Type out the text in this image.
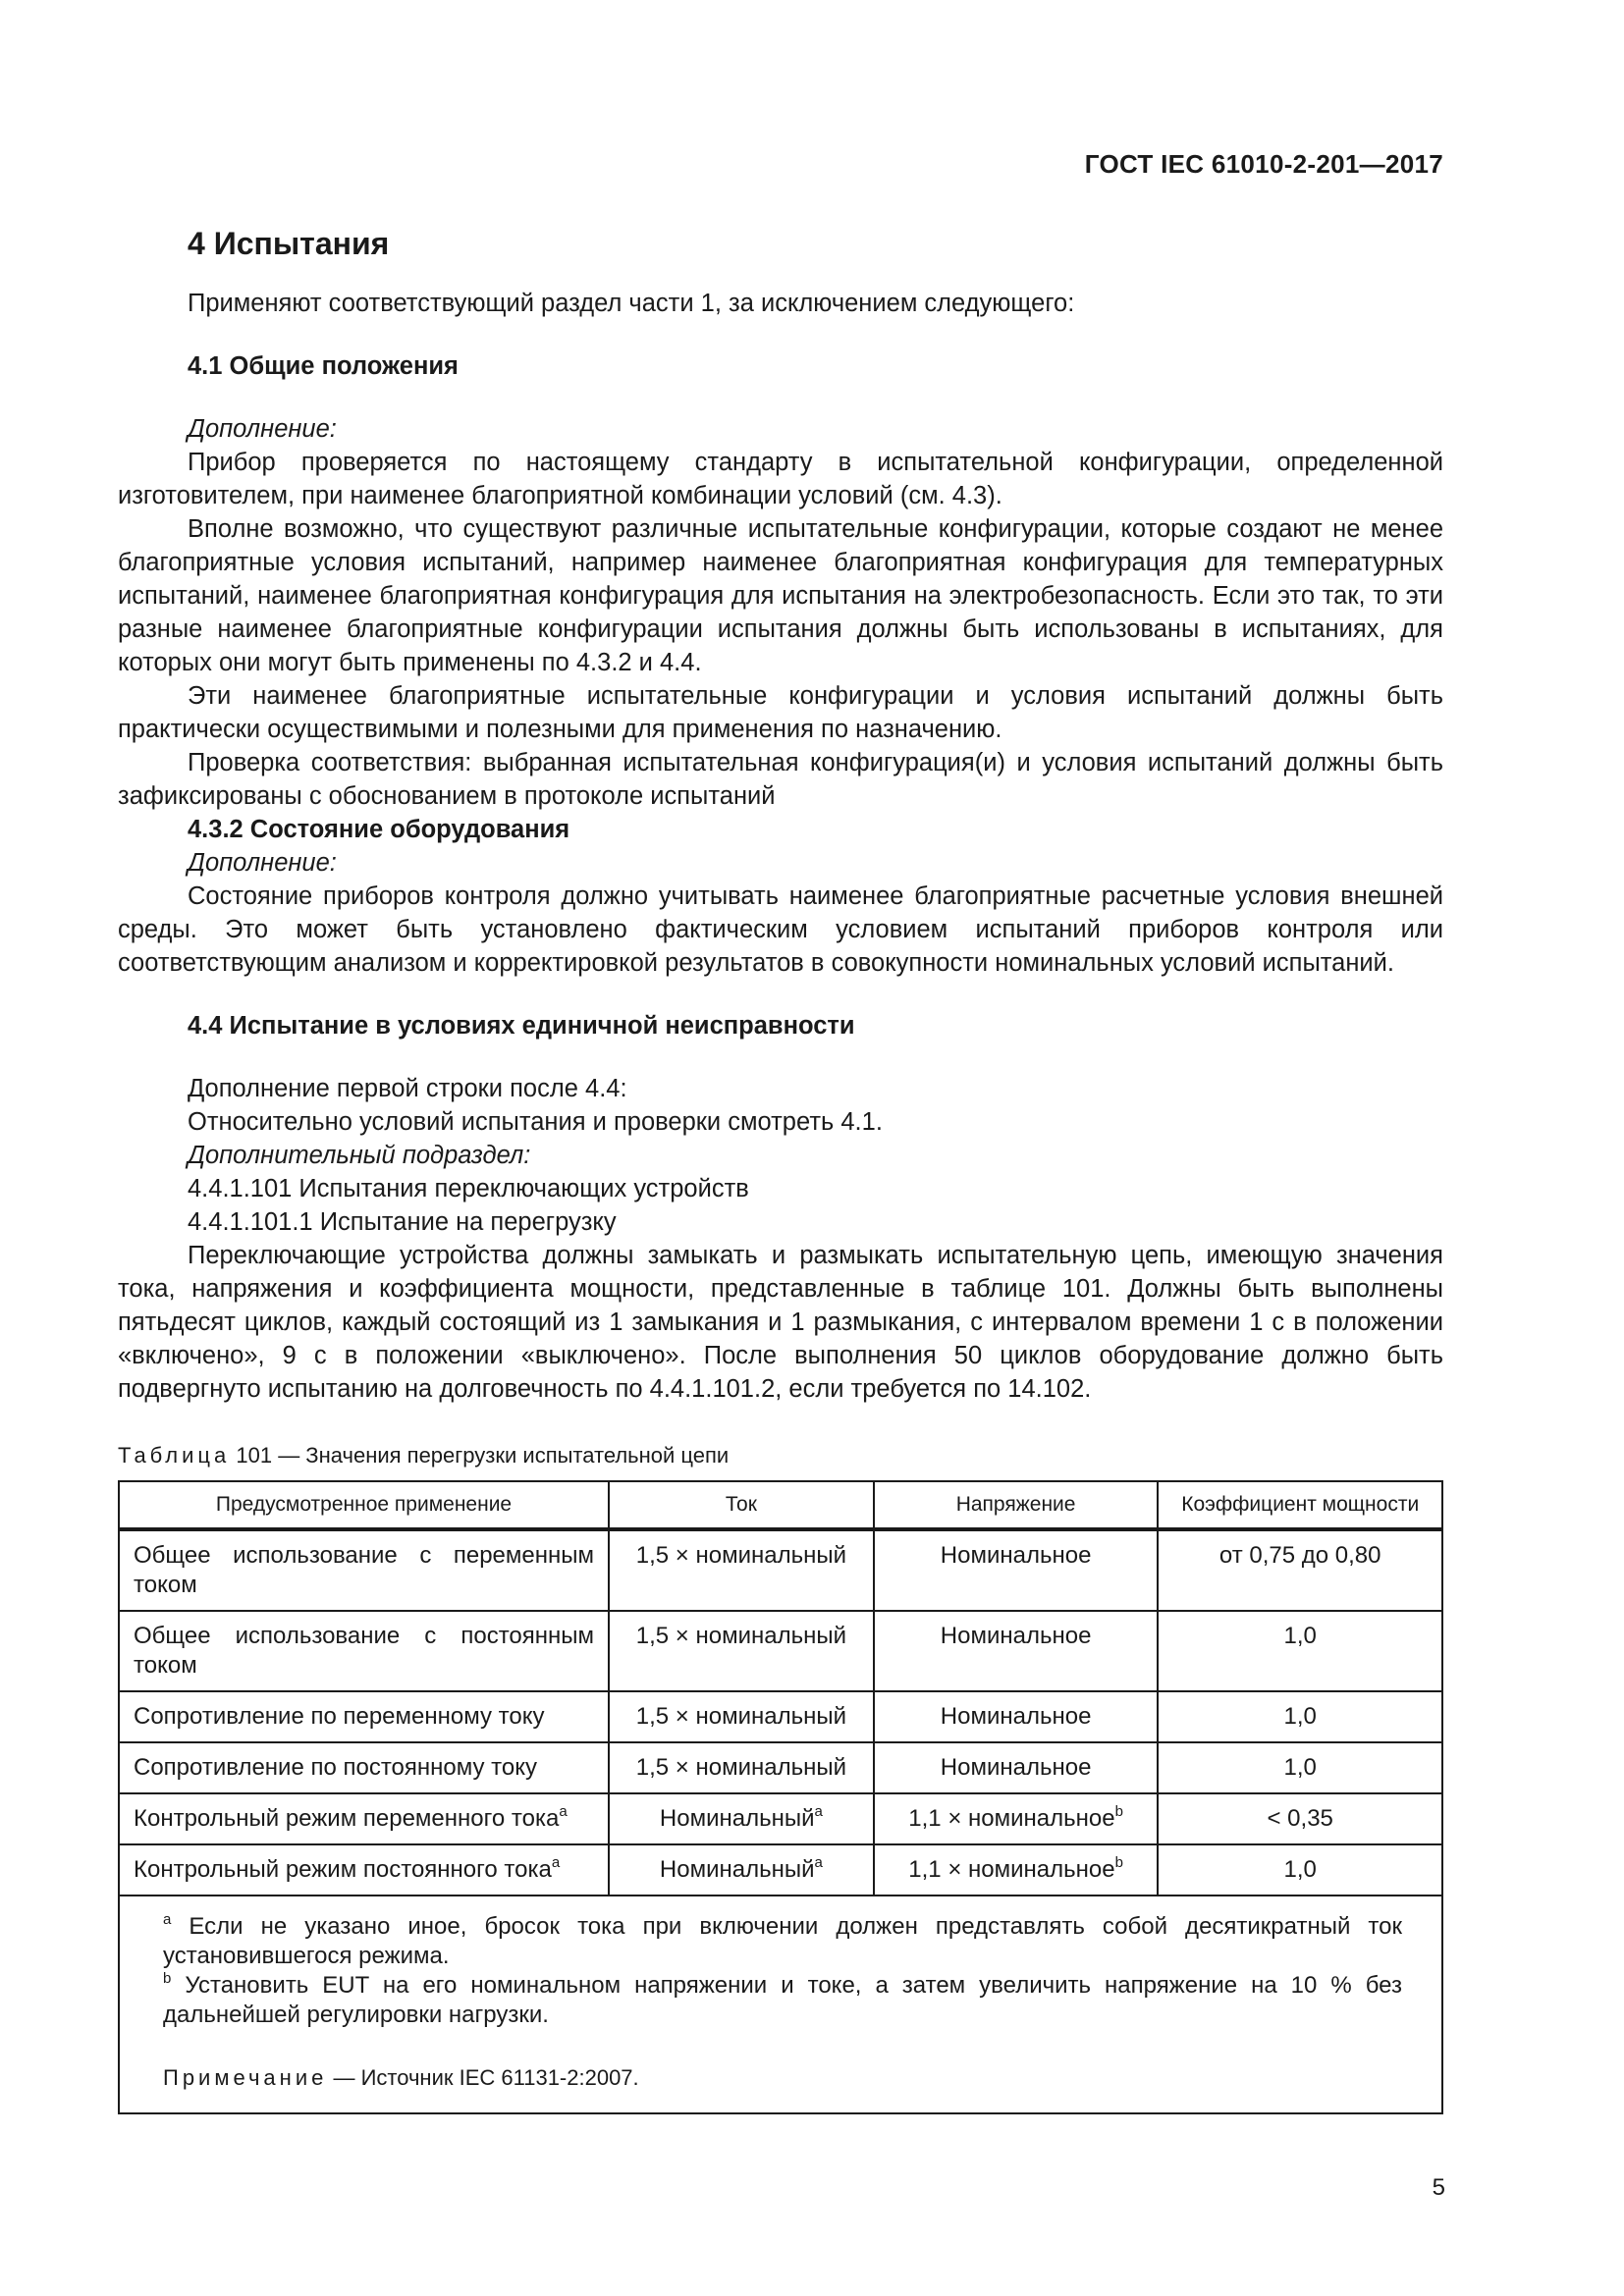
ГОСТ IEC 61010-2-201—2017
4 Испытания

Применяют соответствующий раздел части 1, за исключением следующего:

4.1 Общие положения

Дополнение:

Прибор проверяется по настоящему стандарту в испытательной конфигурации, определенной изготовителем, при наименее благоприятной комбинации условий (см. 4.3).

Вполне возможно, что существуют различные испытательные конфигурации, которые создают не менее благоприятные условия испытаний, например наименее благоприятная конфигурация для температурных испытаний, наименее благоприятная конфигурация для испытания на электробезопасность. Если это так, то эти разные наименее благоприятные конфигурации испытания должны быть использованы в испытаниях, для которых они могут быть применены по 4.3.2 и 4.4.

Эти наименее благоприятные испытательные конфигурации и условия испытаний должны быть практически осуществимыми и полезными для применения по назначению.

Проверка соответствия: выбранная испытательная конфигурация(и) и условия испытаний должны быть зафиксированы с обоснованием в протоколе испытаний

4.3.2 Состояние оборудования

Дополнение:

Состояние приборов контроля должно учитывать наименее благоприятные расчетные условия внешней среды. Это может быть установлено фактическим условием испытаний приборов контроля или соответствующим анализом и корректировкой результатов в совокупности номинальных условий испытаний.

4.4 Испытание в условиях единичной неисправности

Дополнение первой строки после 4.4:

Относительно условий испытания и проверки смотреть 4.1.

Дополнительный подраздел:

4.4.1.101 Испытания переключающих устройств

4.4.1.101.1 Испытание на перегрузку

Переключающие устройства должны замыкать и размыкать испытательную цепь, имеющую значения тока, напряжения и коэффициента мощности, представленные в таблице 101. Должны быть выполнены пятьдесят циклов, каждый состоящий из 1 замыкания и 1 размыкания, с интервалом времени 1 с в положении «включено», 9 с в положении «выключено». После выполнения 50 циклов оборудование должно быть подвергнуто испытанию на долговечность по 4.4.1.101.2, если требуется по 14.102.

Таблица 101 — Значения перегрузки испытательной цепи

Предусмотренное применение	Ток	Напряжение	Коэффициент мощности
Общее использование с переменным током	1,5 × номинальный	Номинальное	от 0,75 до 0,80
Общее использование с постоянным током	1,5 × номинальный	Номинальное	1,0
Сопротивление по переменному току	1,5 × номинальный	Номинальное	1,0
Сопротивление по постоянному току	1,5 × номинальный	Номинальное	1,0
Контрольный режим переменного тока$^a$	Номинальный$^a$	1,1 × номинальное$^b$	< 0,35
Контрольный режим постоянного тока$^a$	Номинальный$^a$	1,1 × номинальное$^b$	1,0

$^a$ Если не указано иное, бросок тока при включении должен представлять собой десятикратный ток установившегося режима.
$^b$ Установить EUT на его номинальном напряжении и токе, а затем увеличить напряжение на 10 % без дальнейшей регулировки нагрузки.
Примечание — Источник IEC 61131-2:2007.			
5
